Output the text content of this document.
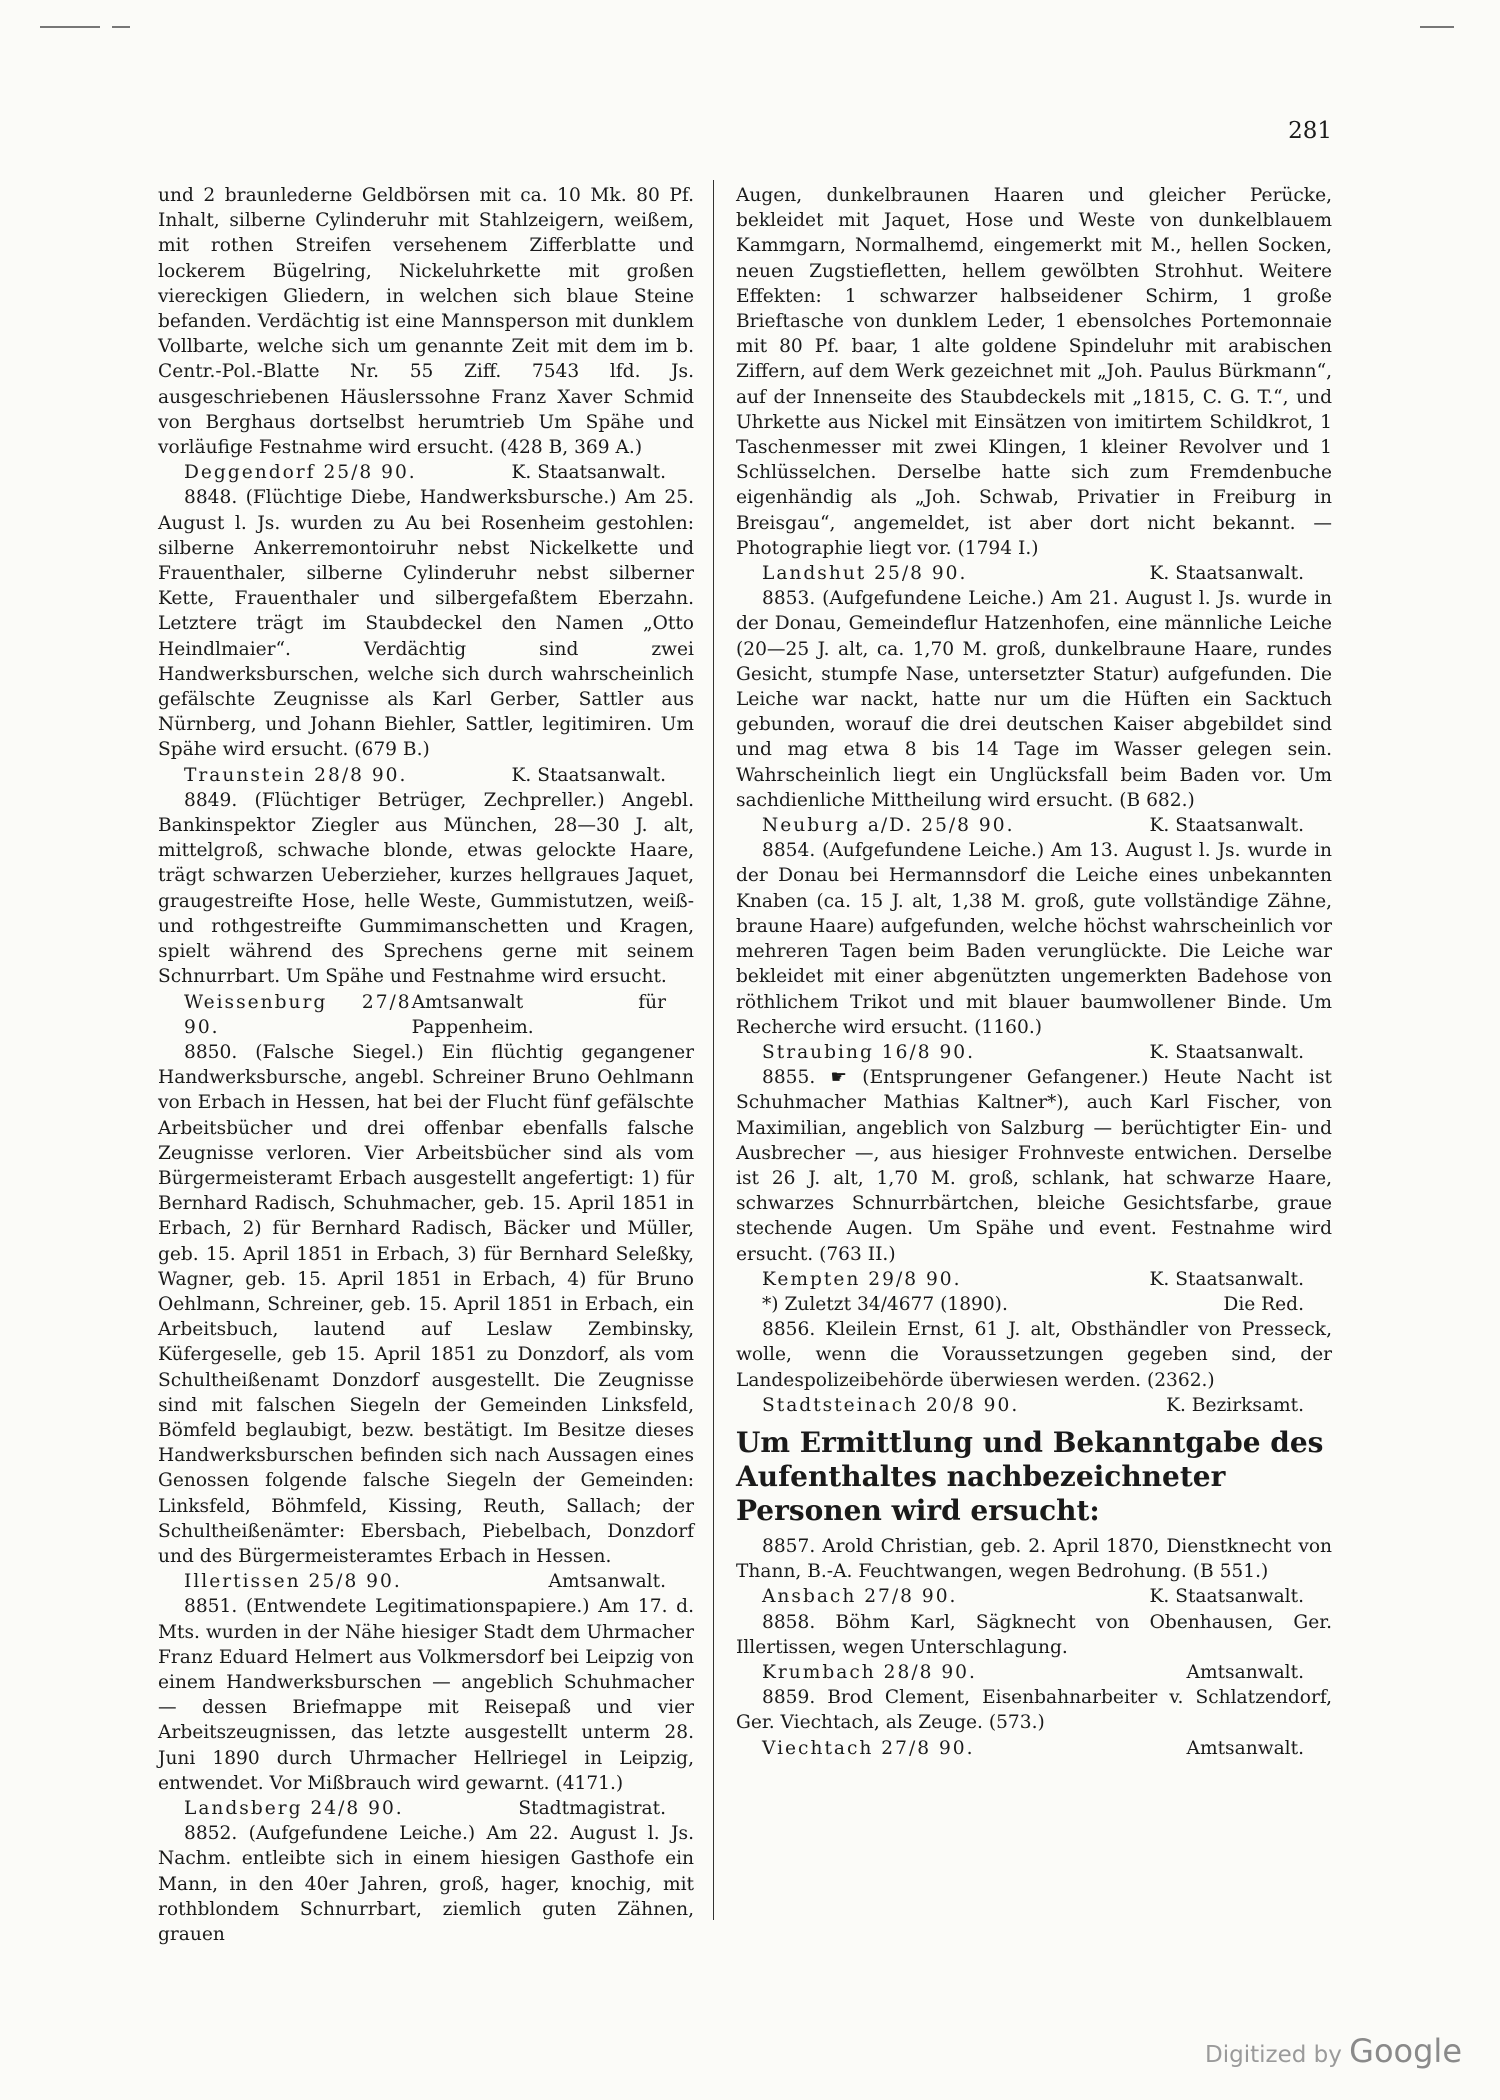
281

und 2 braunlederne Geldbörsen mit ca. 10 Mk. 80 Pf. Inhalt, silberne Cylinderuhr mit Stahlzeigern, weißem, mit rothen Streifen versehenem Zifferblatte und lockerem Bügelring, Nickeluhrkette mit großen viereckigen Gliedern, in welchen sich blaue Steine befanden. Verdächtig ist eine Mannsperson mit dunklem Vollbarte, welche sich um genannte Zeit mit dem im b. Centr.-Pol.-Blatte Nr. 55 Ziff. 7543 lfd. Js. ausgeschriebenen Häuslerssohne Franz Xaver Schmid von Berghaus dortselbst herumtrieb Um Spähe und vorläufige Festnahme wird ersucht. (428 B, 369 A.)

Deggendorf 25/8 90.	K. Staatsanwalt.

8848. (Flüchtige Diebe, Handwerksbursche.) Am 25. August l. Js. wurden zu Au bei Rosenheim gestohlen: silberne Ankerremontoiruhr nebst Nickelkette und Frauenthaler, silberne Cylinderuhr nebst silberner Kette, Frauenthaler und silbergefaßtem Eberzahn. Letztere trägt im Staubdeckel den Namen „Otto Heindlmaier“. Verdächtig sind zwei Handwerksburschen, welche sich durch wahrscheinlich gefälschte Zeugnisse als Karl Gerber, Sattler aus Nürnberg, und Johann Biehler, Sattler, legitimiren. Um Spähe wird ersucht. (679 B.)

Traunstein 28/8 90.	K. Staatsanwalt.

8849. (Flüchtiger Betrüger, Zechpreller.) Angebl. Bankinspektor Ziegler aus München, 28—30 J. alt, mittelgroß, schwache blonde, etwas gelockte Haare, trägt schwarzen Ueberzieher, kurzes hellgraues Jaquet, graugestreifte Hose, helle Weste, Gummistutzen, weiß- und rothgestreifte Gummimanschetten und Kragen, spielt während des Sprechens gerne mit seinem Schnurrbart. Um Spähe und Festnahme wird ersucht.

Weissenburg 27/8 90.
Amtsanwalt für Pappenheim.

8850. (Falsche Siegel.) Ein flüchtig gegangener Handwerksbursche, angebl. Schreiner Bruno Oehlmann von Erbach in Hessen, hat bei der Flucht fünf gefälschte Arbeitsbücher und drei offenbar ebenfalls falsche Zeugnisse verloren. Vier Arbeitsbücher sind als vom Bürgermeisteramt Erbach ausgestellt angefertigt: 1) für Bernhard Radisch, Schuhmacher, geb. 15. April 1851 in Erbach, 2) für Bernhard Radisch, Bäcker und Müller, geb. 15. April 1851 in Erbach, 3) für Bernhard Seleßky, Wagner, geb. 15. April 1851 in Erbach, 4) für Bruno Oehlmann, Schreiner, geb. 15. April 1851 in Erbach, ein Arbeitsbuch, lautend auf Leslaw Zembinsky, Küfergeselle, geb 15. April 1851 zu Donzdorf, als vom Schultheißenamt Donzdorf ausgestellt. Die Zeugnisse sind mit falschen Siegeln der Gemeinden Linksfeld, Bömfeld beglaubigt, bezw. bestätigt. Im Besitze dieses Handwerksburschen befinden sich nach Aussagen eines Genossen folgende falsche Siegeln der Gemeinden: Linksfeld, Böhmfeld, Kissing, Reuth, Sallach; der Schultheißenämter: Ebersbach, Piebelbach, Donzdorf und des Bürgermeisteramtes Erbach in Hessen.

Illertissen 25/8 90.	Amtsanwalt.

8851. (Entwendete Legitimationspapiere.) Am 17. d. Mts. wurden in der Nähe hiesiger Stadt dem Uhrmacher Franz Eduard Helmert aus Volkmersdorf bei Leipzig von einem Handwerksburschen — angeblich Schuhmacher — dessen Briefmappe mit Reisepaß und vier Arbeitszeugnissen, das letzte ausgestellt unterm 28. Juni 1890 durch Uhrmacher Hellriegel in Leipzig, entwendet. Vor Mißbrauch wird gewarnt. (4171.)

Landsberg 24/8 90.	Stadtmagistrat.

8852. (Aufgefundene Leiche.) Am 22. August l. Js. Nachm. entleibte sich in einem hiesigen Gasthofe ein Mann, in den 40er Jahren, groß, hager, knochig, mit rothblondem Schnurrbart, ziemlich guten Zähnen, grauen

Augen, dunkelbraunen Haaren und gleicher Perücke, bekleidet mit Jaquet, Hose und Weste von dunkelblauem Kammgarn, Normalhemd, eingemerkt mit M., hellen Socken, neuen Zugstiefletten, hellem gewölbten Strohhut. Weitere Effekten: 1 schwarzer halbseidener Schirm, 1 große Brieftasche von dunklem Leder, 1 ebensolches Portemonnaie mit 80 Pf. baar, 1 alte goldene Spindeluhr mit arabischen Ziffern, auf dem Werk gezeichnet mit „Joh. Paulus Bürkmann“, auf der Innenseite des Staubdeckels mit „1815, C. G. T.“, und Uhrkette aus Nickel mit Einsätzen von imitirtem Schildkrot, 1 Taschenmesser mit zwei Klingen, 1 kleiner Revolver und 1 Schlüsselchen. Derselbe hatte sich zum Fremdenbuche eigenhändig als „Joh. Schwab, Privatier in Freiburg in Breisgau“, angemeldet, ist aber dort nicht bekannt. — Photographie liegt vor. (1794 I.)

Landshut 25/8 90.	K. Staatsanwalt.

8853. (Aufgefundene Leiche.) Am 21. August l. Js. wurde in der Donau, Gemeindeflur Hatzenhofen, eine männliche Leiche (20—25 J. alt, ca. 1,70 M. groß, dunkelbraune Haare, rundes Gesicht, stumpfe Nase, untersetzter Statur) aufgefunden. Die Leiche war nackt, hatte nur um die Hüften ein Sacktuch gebunden, worauf die drei deutschen Kaiser abgebildet sind und mag etwa 8 bis 14 Tage im Wasser gelegen sein. Wahrscheinlich liegt ein Unglücksfall beim Baden vor. Um sachdienliche Mittheilung wird ersucht. (B 682.)

Neuburg a/D. 25/8 90.	K. Staatsanwalt.

8854. (Aufgefundene Leiche.) Am 13. August l. Js. wurde in der Donau bei Hermannsdorf die Leiche eines unbekannten Knaben (ca. 15 J. alt, 1,38 M. groß, gute vollständige Zähne, braune Haare) aufgefunden, welche höchst wahrscheinlich vor mehreren Tagen beim Baden verunglückte. Die Leiche war bekleidet mit einer abgenützten ungemerkten Badehose von röthlichem Trikot und mit blauer baumwollener Binde. Um Recherche wird ersucht. (1160.)

Straubing 16/8 90.	K. Staatsanwalt.

8855. ☛ (Entsprungener Gefangener.) Heute Nacht ist Schuhmacher Mathias Kaltner*), auch Karl Fischer, von Maximilian, angeblich von Salzburg — berüchtigter Ein- und Ausbrecher —, aus hiesiger Frohnveste entwichen. Derselbe ist 26 J. alt, 1,70 M. groß, schlank, hat schwarze Haare, schwarzes Schnurrbärtchen, bleiche Gesichtsfarbe, graue stechende Augen. Um Spähe und event. Festnahme wird ersucht. (763 II.)

Kempten 29/8 90.	K. Staatsanwalt.
*) Zuletzt 34/4677 (1890).	Die Red.

8856. Kleilein Ernst, 61 J. alt, Obsthändler von Presseck, wolle, wenn die Voraussetzungen gegeben sind, der Landespolizeibehörde überwiesen werden. (2362.)

Stadtsteinach 20/8 90.	K. Bezirksamt.
Um Ermittlung und Bekanntgabe des Aufenthaltes nachbezeichneter Personen wird ersucht:

8857. Arold Christian, geb. 2. April 1870, Dienstknecht von Thann, B.-A. Feuchtwangen, wegen Bedrohung. (B 551.)

Ansbach 27/8 90.	K. Staatsanwalt.

8858. Böhm Karl, Sägknecht von Obenhausen, Ger. Illertissen, wegen Unterschlagung.

Krumbach 28/8 90.	Amtsanwalt.

8859. Brod Clement, Eisenbahnarbeiter v. Schlatzendorf, Ger. Viechtach, als Zeuge. (573.)

Viechtach 27/8 90.	Amtsanwalt.
Digitized by Google
